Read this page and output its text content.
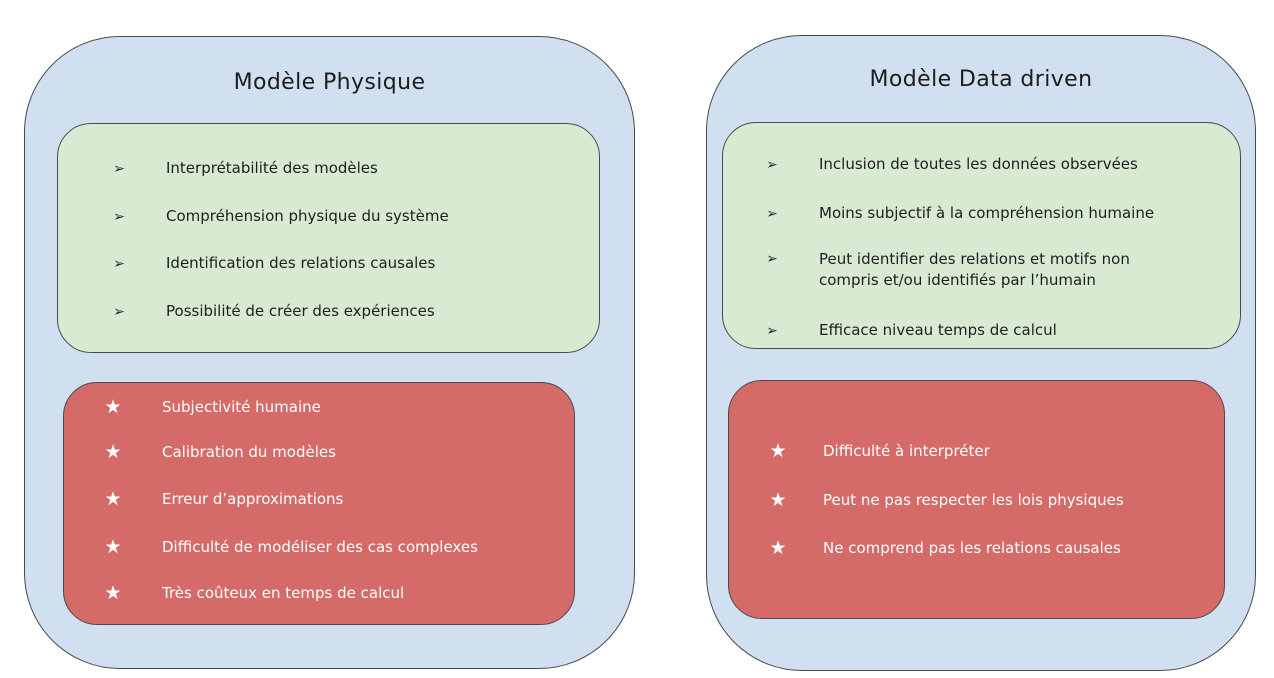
Modèle Physique
➢	Interprétabilité des modèles
➢	Compréhension physique du système
➢	Identification des relations causales
➢	Possibilité de créer des expériences
★	Subjectivité humaine
★	Calibration du modèles
★	Erreur d’approximations
★	Difficulté de modéliser des cas complexes
★	Très coûteux en temps de calcul
Modèle Data driven
➢	Inclusion de toutes les données observées
➢	Moins subjectif à la compréhension humaine
➢	Peut identifier des relations et motifs non compris et/ou identifiés par l’humain
➢	Efficace niveau temps de calcul
★ Difficulté à interpréter
★ Peut ne pas respecter les lois physiques
★ Ne comprend pas les relations causales
